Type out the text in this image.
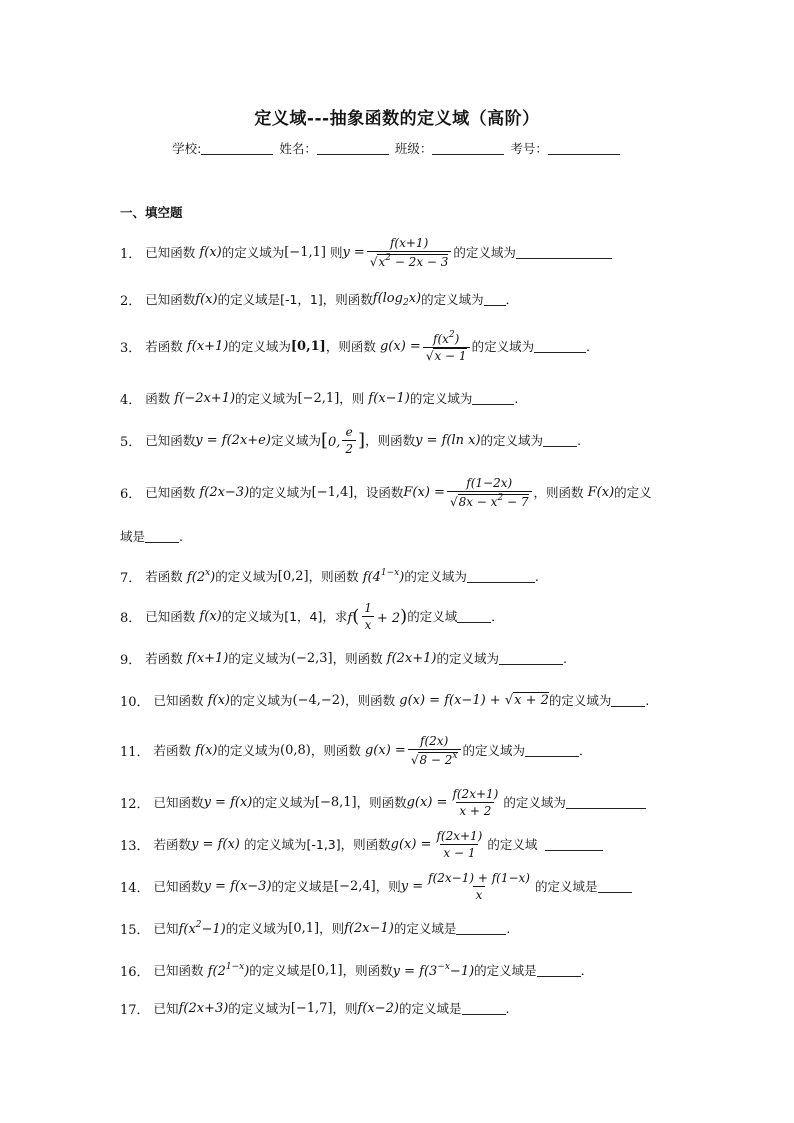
定义域---抽象函数的定义域（高阶）
学校:	姓名：	班级：	考号：
一、填空题
1． 已知函数 f(x) 的定义域为 [−1,1]
则 $y = \frac{f(x+1)}{√x^2 - 2x - 3}$ 的定义域为
2． 已知函数 f(x) 的定义域是[-1，1]，则函数 $f(\log_2x)$ 的定义域为 ．
3． 若函数 f(x+1) 的定义域为 [0,1] ，则函数 $g(x) = \frac{f(x^2)}{√x - 1}$ 的定义域为	．
4． 函数 f(−2x+1) 的定义域为 [−2,1] ，则 f(x−1) 的定义域为	.
5． 已知函数 y = f(2x+e) 定义域为 [0, $\frac{e}{2}$ ] ，则函数 y = f(ln x) 的定义域为	.
6． 已知函数 f(2x−3) 的定义域为 [−1,4] ，设函数 $F(x) = \frac{f(1-2x)}{√8x - x^2 - 7}$ ，则函数 F(x) 的定义
域是	.
7． 若函数 f(2$^x$) 的定义域为 [0,2] ，则函数 $f(4^{1-x})$ 的定义域为	.
8． 已知函数 f(x) 的定义域为[1，4]，求 $f( \frac{1}{x} + 2)$ 的定义域	．
9． 若函数 f(x+1) 的定义域为 (−2,3] ，则函数 f(2x+1) 的定义域为	.
10． 已知函数 f(x) 的定义域为 (−4,−2) ，则函数 g(x) = f(x−1) + √x + 2 的定义域为	.
11． 若函数 f(x) 的定义域为 (0,8) ，则函数 $g(x) = \frac{f(2x)}{√8 - 2^x}$ 的定义域为	．
12． 已知函数 y = f(x) 的定义域为 [−8,1] ，则函数 $g(x) = \frac{f(2x+1)}{x + 2}$ 的定义域为
13． 若函数 y = f(x) 的定义域为[-1,3]，则函数 $g(x) = \frac{f(2x+1)}{x - 1}$ 的定义域

14． 已知函数 y = f(x−3) 的定义域是 [−2,4] ，则 $y = \frac{f(2x-1) + f(1-x)}{x}$ 的定义域是
15． 已知 $f(x^2-1)$ 的定义域为 [0,1] ，则 f(2x−1) 的定义域是	.
16． 已知函数 $f(2^{1-x})$ 的定义域是 [0,1] ，则函数 $y = f(3^{-x}-1)$ 的定义域是	．
17． 已知 f(2x+3) 的定义域为 [−1,7] ，则 f(x−2) 的定义域是	.
